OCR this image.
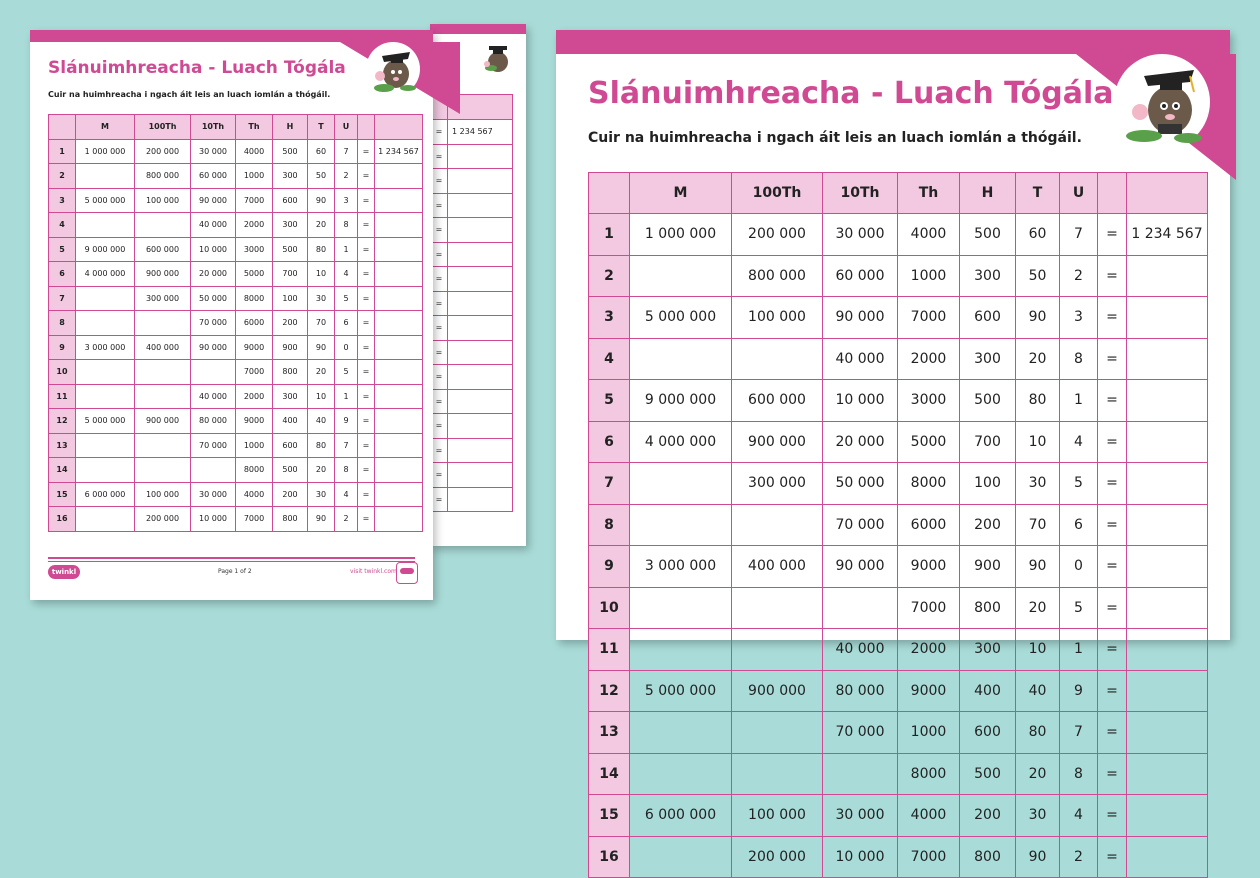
=	1 234 567
=	
=	
=	
=	
=	
=	
=	
=	
=	
=	
=	
=	
=	
=	
=	
Slánuimhreacha - Luach Tógála
Cuir na huimhreacha i ngach áit leis an luach iomlán a thógáil.
	M	100Th	10Th	Th	H	T	U		
1	1 000 000	200 000	30 000	4000	500	60	7	=	1 234 567
2		800 000	60 000	1000	300	50	2	=	
3	5 000 000	100 000	90 000	7000	600	90	3	=	
4			40 000	2000	300	20	8	=	
5	9 000 000	600 000	10 000	3000	500	80	1	=	
6	4 000 000	900 000	20 000	5000	700	10	4	=	
7		300 000	50 000	8000	100	30	5	=	
8			70 000	6000	200	70	6	=	
9	3 000 000	400 000	90 000	9000	900	90	0	=	
10				7000	800	20	5	=	
11			40 000	2000	300	10	1	=	
12	5 000 000	900 000	80 000	9000	400	40	9	=	
13			70 000	1000	600	80	7	=	
14				8000	500	20	8	=	
15	6 000 000	100 000	30 000	4000	200	30	4	=	
16		200 000	10 000	7000	800	90	2	=	
twinkl	Page 1 of 2	visit twinkl.com
Slánuimhreacha - Luach Tógála
Cuir na huimhreacha i ngach áit leis an luach iomlán a thógáil.
	M	100Th	10Th	Th	H	T	U		
1	1 000 000	200 000	30 000	4000	500	60	7	=	1 234 567
2		800 000	60 000	1000	300	50	2	=	
3	5 000 000	100 000	90 000	7000	600	90	3	=	
4			40 000	2000	300	20	8	=	
5	9 000 000	600 000	10 000	3000	500	80	1	=	
6	4 000 000	900 000	20 000	5000	700	10	4	=	
7		300 000	50 000	8000	100	30	5	=	
8			70 000	6000	200	70	6	=	
9	3 000 000	400 000	90 000	9000	900	90	0	=	
10				7000	800	20	5	=	
11			40 000	2000	300	10	1	=	
12	5 000 000	900 000	80 000	9000	400	40	9	=	
13			70 000	1000	600	80	7	=	
14				8000	500	20	8	=	
15	6 000 000	100 000	30 000	4000	200	30	4	=	
16		200 000	10 000	7000	800	90	2	=	
